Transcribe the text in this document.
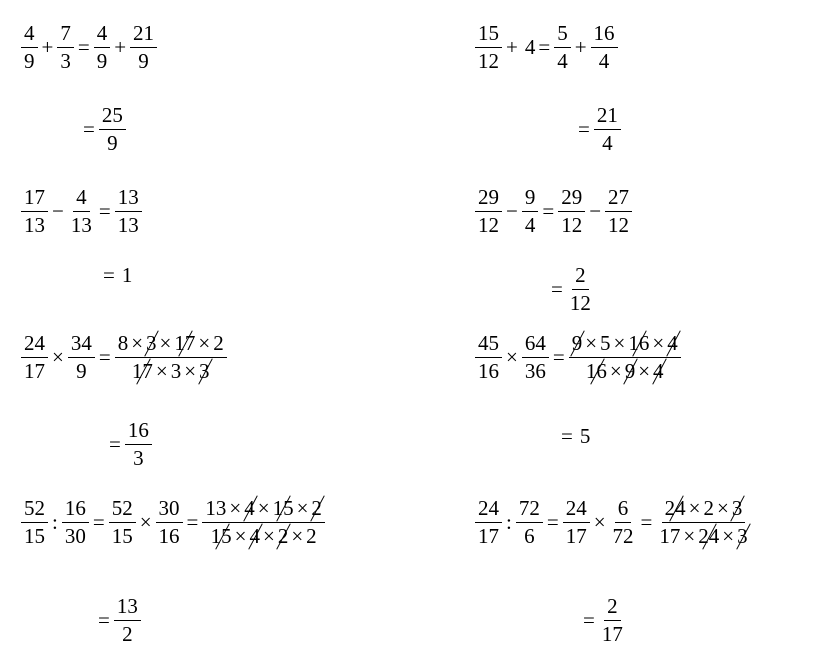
$\frac{4}{9} + \frac{7}{3} = \frac{4}{9} + \frac{21}{9}$
= $\frac{25}{9}$
$\frac{15}{12} + 4 = \frac{5}{4} + \frac{16}{4}$
= $\frac{21}{4}$
$\frac{17}{13} - \frac{4}{13} = \frac{13}{13}$
= 1
$\frac{29}{12} - \frac{9}{4} = \frac{29}{12} - \frac{27}{12}$
= $\frac{2}{12}$
$\frac{24}{17} \times \frac{34}{9} = \frac{8 \times 3 \times 17 \times 2}{17 \times 3 \times 3}$
= $\frac{16}{3}$
$\frac{45}{16} \times \frac{64}{36} = \frac{9 \times 5 \times 16 \times 4}{16 \times 9 \times 4}$
= 5
$\frac{52}{15}$ : $\frac{16}{30} = \frac{52}{15} \times \frac{30}{16} = \frac{13 \times 4 \times 15 \times 2}{15 \times 4 \times 2 \times 2}$
= $\frac{13}{2}$
$\frac{24}{17}$ : $\frac{72}{6} = \frac{24}{17} \times \frac{6}{72} = \frac{24 \times 2 \times 3}{17 \times 24 \times 3}$
= $\frac{2}{17}$
